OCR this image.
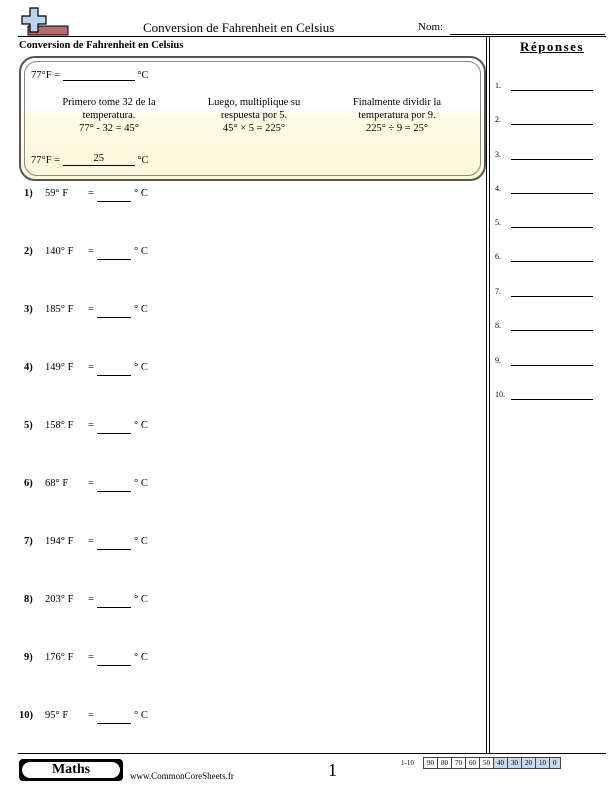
Conversion de Fahrenheit en Celsius	Nom:
Conversion de Fahrenheit en Celsius	Réponses
77°F =	°C
Primero tome 32 de la
temperatura.
77° - 32 = 45°
Luego, multiplique su
respuesta por 5.
45° × 5 = 225°
Finalmente dividir la
temperatura por 9.
225° ÷ 9 = 25°
77°F =	25	°C
1) 59° F =	° C
2) 140° F =	° C
3) 185° F =	° C
4) 149° F =	° C
5) 158° F =	° C
6) 68° F =	° C
7) 194° F =	° C
8) 203° F =	° C
9) 176° F =	° C
10) 95° F =	° C
1.
2.
3.
4.
5.
6.
7.
8.
9.
10.
Maths	www.CommonCoreSheets.fr	1	1-10	90	80	70	60	50	40	30	20	10	0
